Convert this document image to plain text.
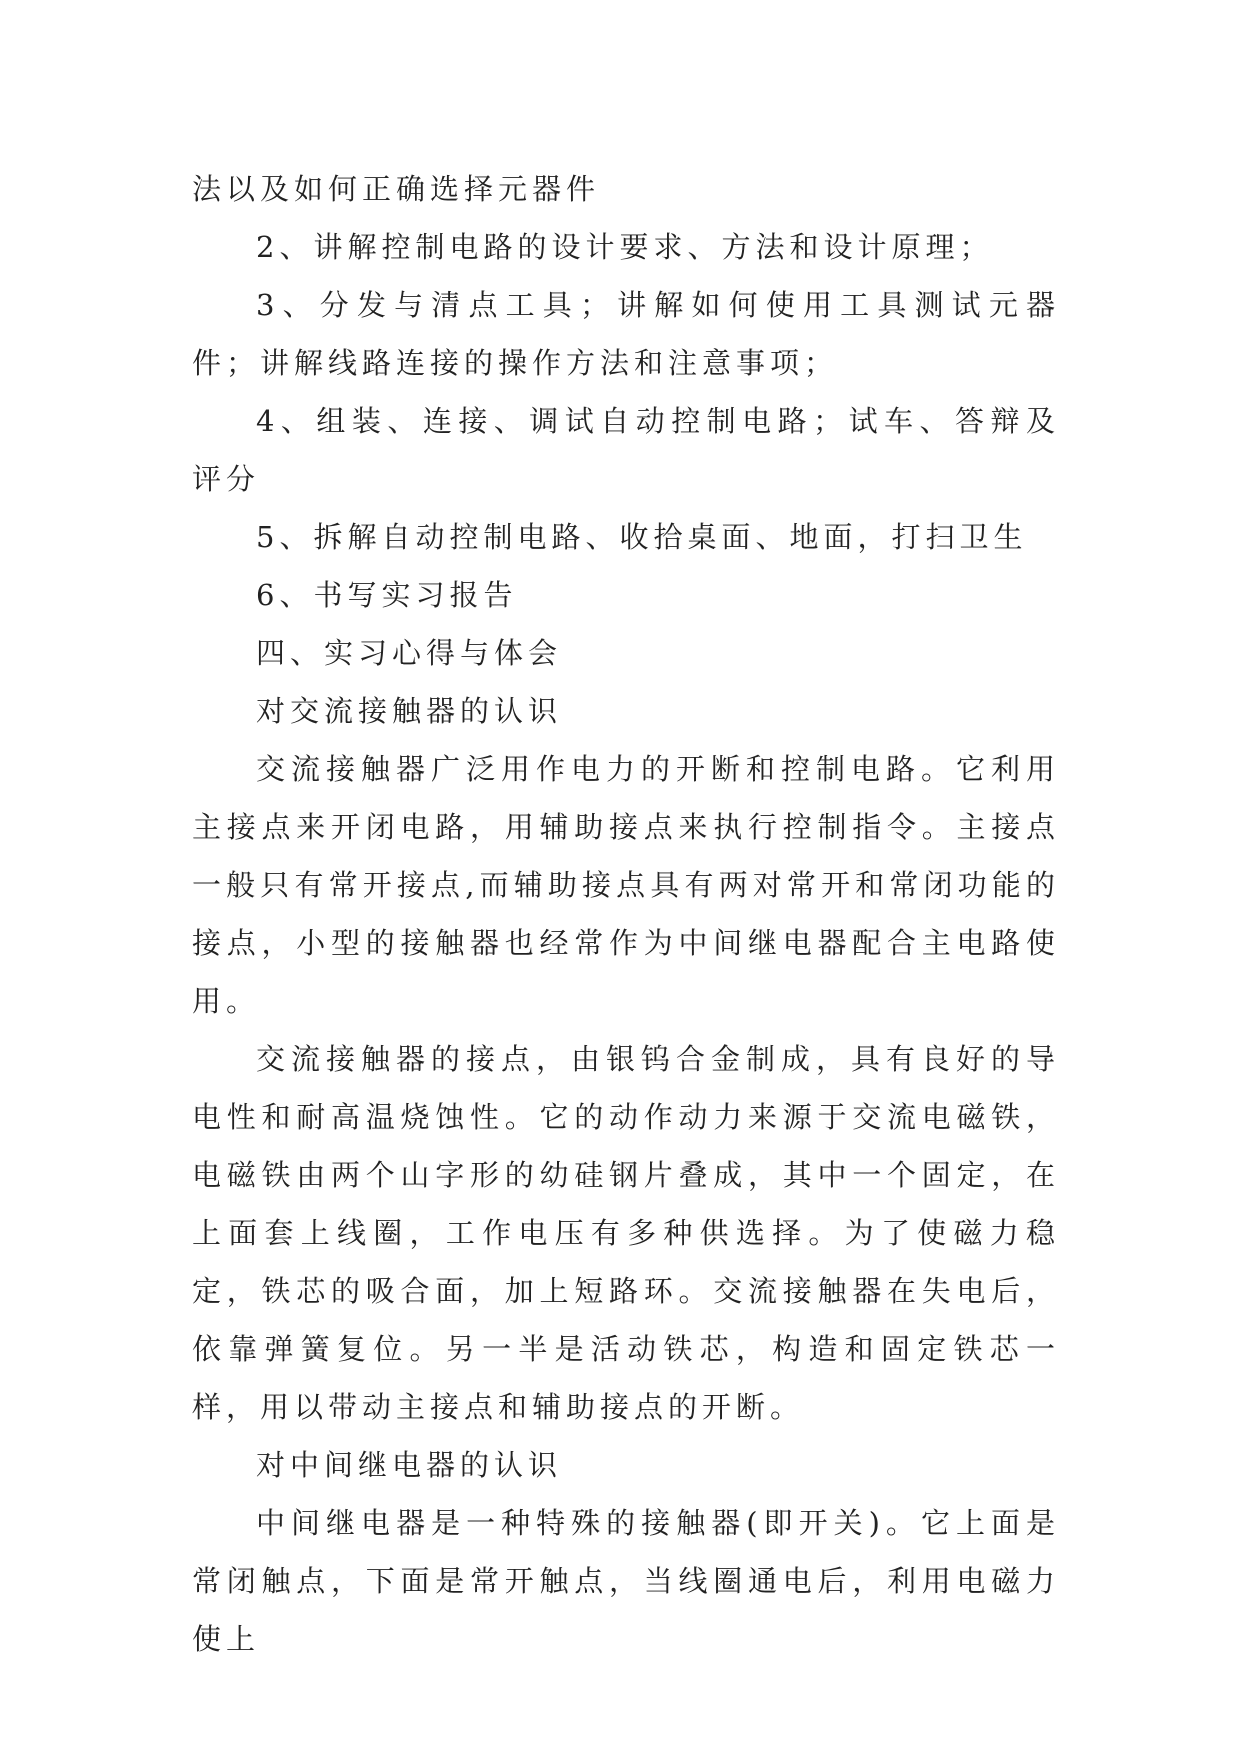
法以及如何正确选择元器件

2、讲解控制电路的设计要求、方法和设计原理；

3、分发与清点工具；讲解如何使用工具测试元器件；讲解线路连接的操作方法和注意事项；

4、组装、连接、调试自动控制电路；试车、答辩及评分

5、拆解自动控制电路、收拾桌面、地面，打扫卫生

6、书写实习报告

四、实习心得与体会

对交流接触器的认识

交流接触器广泛用作电力的开断和控制电路。它利用主接点来开闭电路，用辅助接点来执行控制指令。主接点一般只有常开接点,而辅助接点具有两对常开和常闭功能的接点，小型的接触器也经常作为中间继电器配合主电路使用。

交流接触器的接点，由银钨合金制成，具有良好的导电性和耐高温烧蚀性。它的动作动力来源于交流电磁铁，电磁铁由两个山字形的幼硅钢片叠成，其中一个固定，在上面套上线圈，工作电压有多种供选择。为了使磁力稳定，铁芯的吸合面，加上短路环。交流接触器在失电后，依靠弹簧复位。另一半是活动铁芯，构造和固定铁芯一样，用以带动主接点和辅助接点的开断。

对中间继电器的认识

中间继电器是一种特殊的接触器(即开关)。它上面是常闭触点，下面是常开触点，当线圈通电后，利用电磁力使上
